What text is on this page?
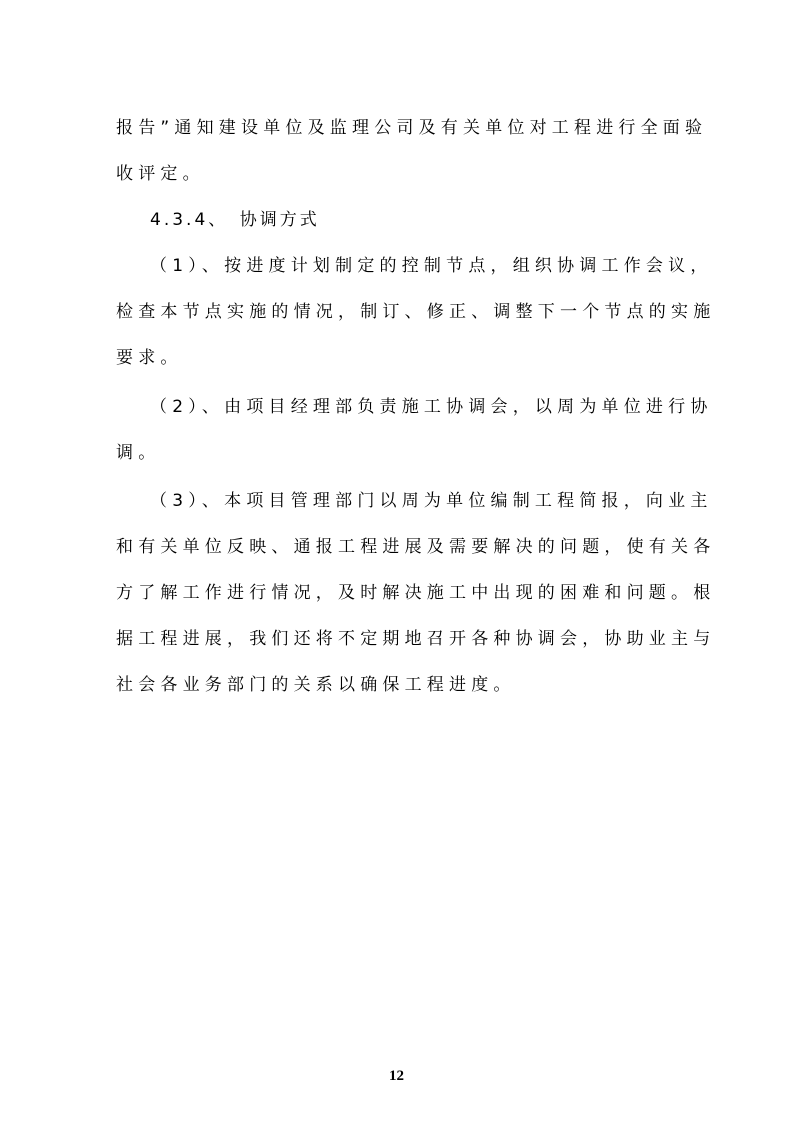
报告”通知建设单位及监理公司及有关单位对工程进行全面验
收评定。
4.3.4、　协调方式
（1）、按进度计划制定的控制节点，组织协调工作会议，
检查本节点实施的情况，制订、修正、调整下一个节点的实施
要求。
（2）、由项目经理部负责施工协调会，以周为单位进行协
调。
（3）、本项目管理部门以周为单位编制工程简报，向业主
和有关单位反映、通报工程进展及需要解决的问题，使有关各
方了解工作进行情况，及时解决施工中出现的困难和问题。根
据工程进展，我们还将不定期地召开各种协调会，协助业主与
社会各业务部门的关系以确保工程进度。
12
